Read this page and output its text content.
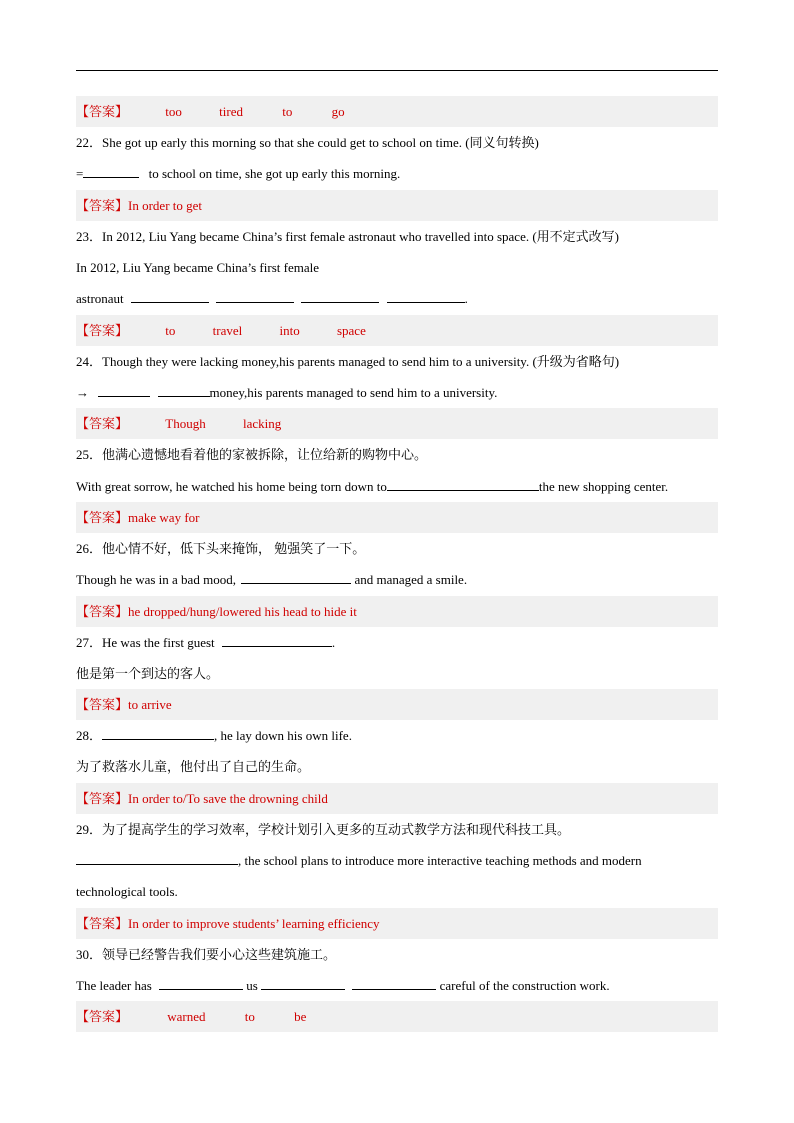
【答案】	too	tired	to	go
22．She got up early this morning so that she could get to school on time. (同义句转换)
=	to school on time, she got up early this morning.
【答案】In order to get
23．In 2012, Liu Yang became China’s first female astronaut who travelled into space. (用不定式改写)
In 2012, Liu Yang became China’s first female
astronaut	.
【答案】	to	travel	into	space
24．Though they were lacking money,his parents managed to send him to a university. (升级为省略句)
→	money,his parents managed to send him to a university.
【答案】	Though	lacking
25．他满心遗憾地看着他的家被拆除，让位给新的购物中心。
With great sorrow, he watched his home being torn down to	the new shopping center.
【答案】make way for
26．他心情不好，低下头来掩饰， 勉强笑了一下。
Though he was in a bad mood,	and managed a smile.
【答案】he dropped/hung/lowered his head to hide it
27．He was the first guest	.
他是第一个到达的客人。
【答案】to arrive
28．	, he lay down his own life.
为了救落水儿童，他付出了自己的生命。
【答案】In order to/To save the drowning child
29．为了提高学生的学习效率，学校计划引入更多的互动式教学方法和现代科技工具。
, the school plans to introduce more interactive teaching methods and modern
technological tools.
【答案】In order to improve students’ learning efficiency
30．领导已经警告我们要小心这些建筑施工。
The leader has	us	careful of the construction work.
【答案】	warned	to	be
